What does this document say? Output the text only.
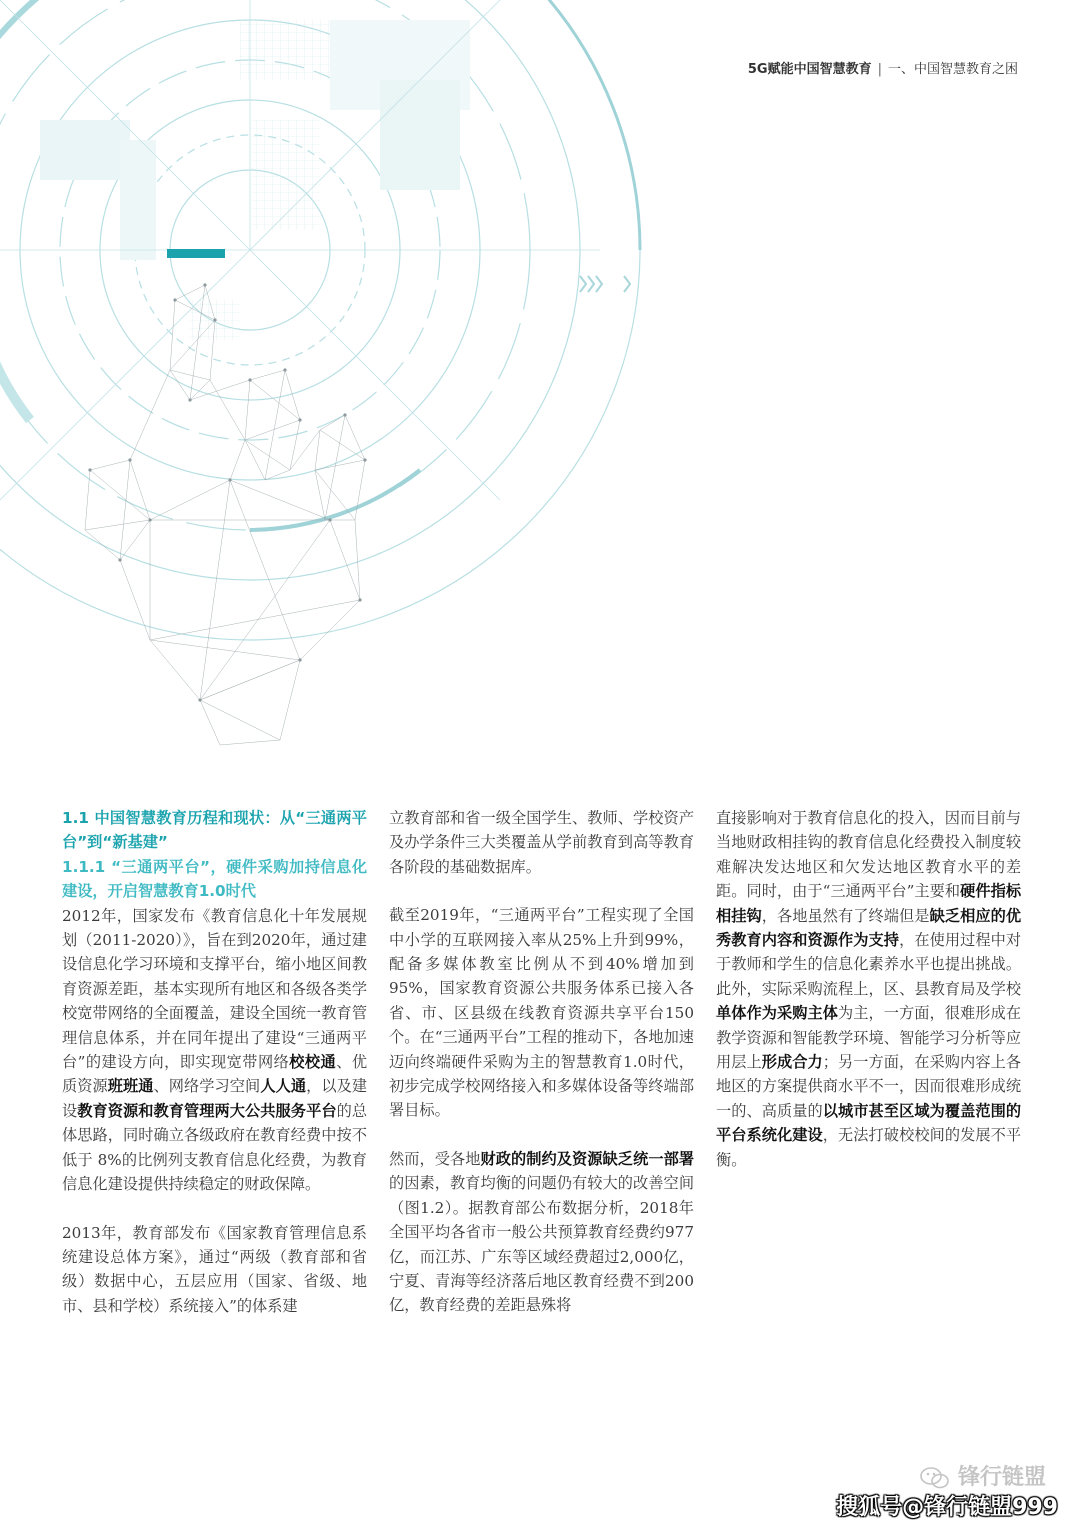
5G赋能中国智慧教育 | 一、中国智慧教育之困
1.1 中国智慧教育历程和现状：从“三通两平台”到“新基建”
1.1.1 “三通两平台”，硬件采购加持信息化建设，开启智慧教育1.0时代

2012年，国家发布《教育信息化十年发展规划（2011-2020）》，旨在到2020年，通过建设信息化学习环境和支撑平台，缩小地区间教育资源差距，基本实现所有地区和各级各类学校宽带网络的全面覆盖，建设全国统一教育管理信息体系，并在同年提出了建设“三通两平台”的建设方向，即实现宽带网络校校通、优质资源班班通、网络学习空间人人通，以及建设教育资源和教育管理两大公共服务平台的总体思路，同时确立各级政府在教育经费中按不低于 8%的比例列支教育信息化经费，为教育信息化建设提供持续稳定的财政保障。

2013年，教育部发布《国家教育管理信息系统建设总体方案》，通过“两级（教育部和省级）数据中心，五层应用（国家、省级、地市、县和学校）系统接入”的体系建

立教育部和省一级全国学生、教师、学校资产及办学条件三大类覆盖从学前教育到高等教育各阶段的基础数据库。

截至2019年，“三通两平台”工程实现了全国中小学的互联网接入率从25%上升到99%，配备多媒体教室比例从不到40%增加到95%，国家教育资源公共服务体系已接入各省、市、区县级在线教育资源共享平台150个。在“三通两平台”工程的推动下，各地加速迈向终端硬件采购为主的智慧教育1.0时代，初步完成学校网络接入和多媒体设备等终端部署目标。

然而，受各地财政的制约及资源缺乏统一部署的因素，教育均衡的问题仍有较大的改善空间（图1.2）。据教育部公布数据分析，2018年全国平均各省市一般公共预算教育经费约977亿，而江苏、广东等区域经费超过2,000亿，宁夏、青海等经济落后地区教育经费不到200亿，教育经费的差距悬殊将

直接影响对于教育信息化的投入，因而目前与当地财政相挂钩的教育信息化经费投入制度较难解决发达地区和欠发达地区教育水平的差距。同时，由于“三通两平台”主要和硬件指标相挂钩，各地虽然有了终端但是缺乏相应的优秀教育内容和资源作为支持，在使用过程中对于教师和学生的信息化素养水平也提出挑战。此外，实际采购流程上，区、县教育局及学校单体作为采购主体为主，一方面，很难形成在教学资源和智能教学环境、智能学习分析等应用层上形成合力；另一方面，在采购内容上各地区的方案提供商水平不一，因而很难形成统一的、高质量的以城市甚至区域为覆盖范围的平台系统化建设，无法打破校校间的发展不平衡。

锋行链盟
搜狐号@锋行链盟999
